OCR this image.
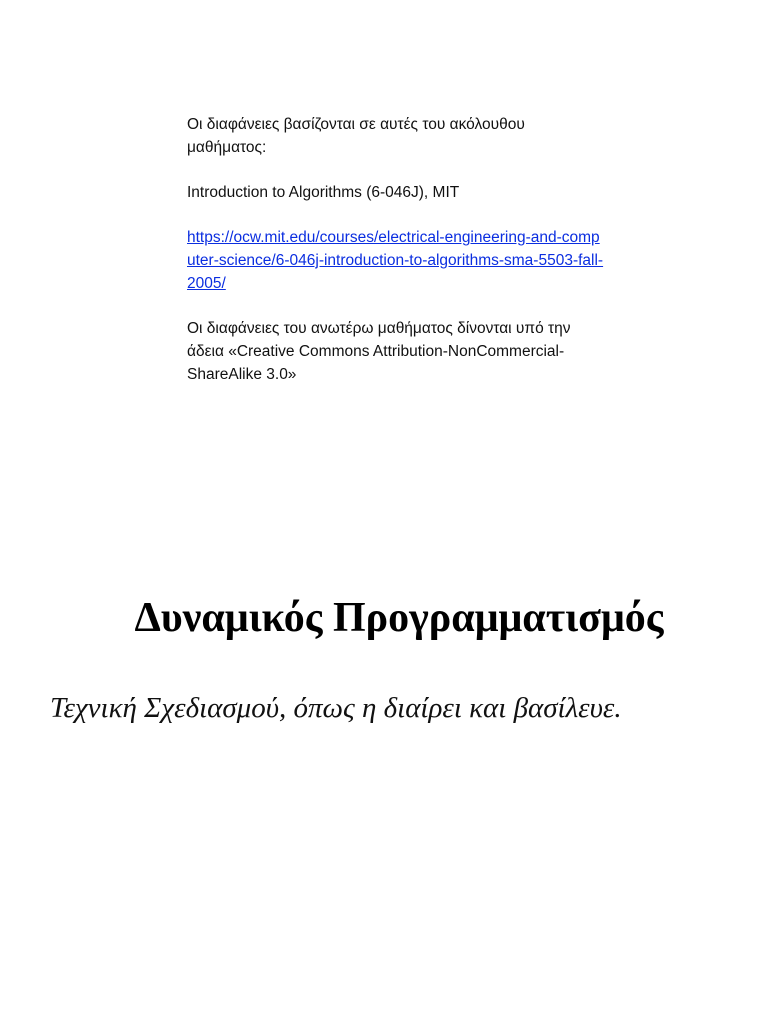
Οι διαφάνειες βασίζονται σε αυτές του ακόλουθου μαθήματος:

Introduction to Algorithms (6-046J), MIT

https://ocw.mit.edu/courses/electrical-engineering-and-computer-science/6-046j-introduction-to-algorithms-sma-5503-fall-2005/

Οι διαφάνειες του ανωτέρω μαθήματος δίνονται υπό την άδεια «Creative Commons Attribution-NonCommercial-ShareAlike 3.0»

Δυναμικός Προγραμματισμός
Τεχνική Σχεδιασμού, όπως η διαίρει και βασίλευε.
